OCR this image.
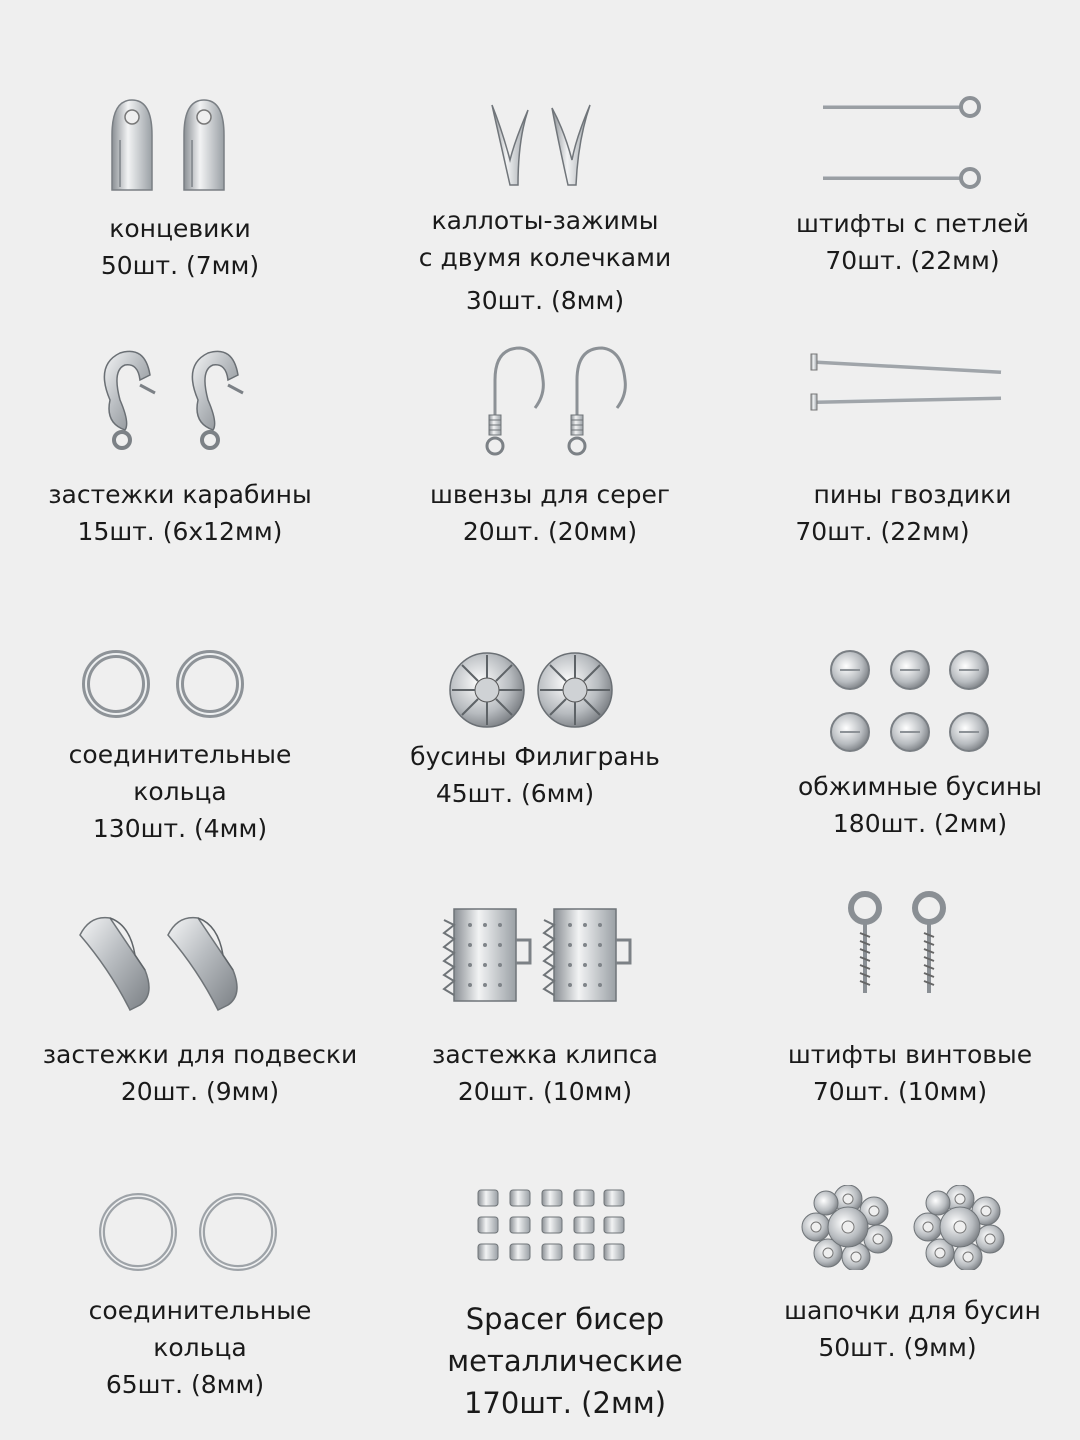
концевики
50шт. (7мм)
каллоты-зажимы
с двумя колечками
30шт. (8мм)
штифты с петлей
70шт. (22мм)
застежки карабины
15шт. (6х12мм)
швензы для серег
20шт. (20мм)
пины гвоздики
70шт. (22мм)
соединительные
кольца
130шт. (4мм)
бусины Филигрань
45шт. (6мм)	обжимные бусины
180шт. (2мм)
застежки для подвески
20шт. (9мм)
застежка клипса
20шт. (10мм)
штифты винтовые
70шт. (10мм)
соединительные
кольца
65шт. (8мм)
Spacer бисер
металлические
170шт. (2мм)
шапочки для бусин
50шт. (9мм)
